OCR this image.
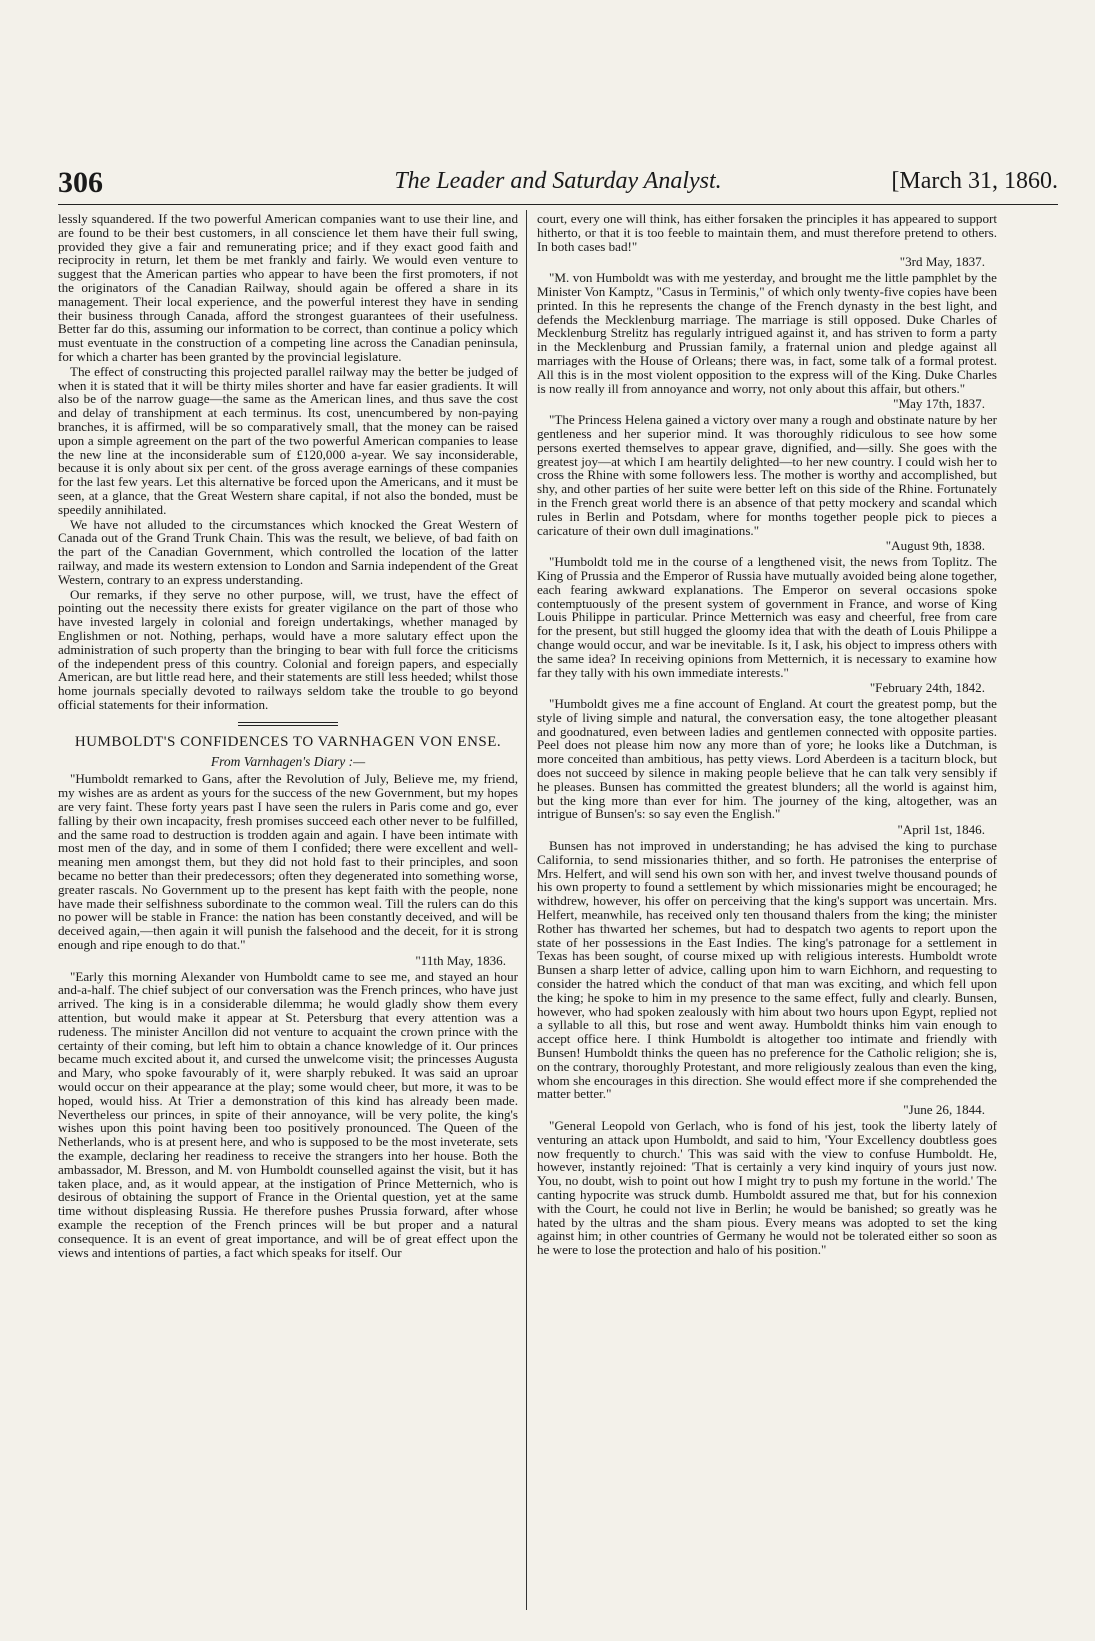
306	The Leader and Saturday Analyst.	[March 31, 1860.

lessly squandered. If the two powerful American companies want to use their line, and are found to be their best customers, in all conscience let them have their full swing, provided they give a fair and remunerating price; and if they exact good faith and reciprocity in return, let them be met frankly and fairly. We would even venture to suggest that the American parties who appear to have been the first promoters, if not the originators of the Canadian Railway, should again be offered a share in its management. Their local experience, and the powerful interest they have in sending their business through Canada, afford the strongest guarantees of their usefulness. Better far do this, assuming our information to be correct, than continue a policy which must eventuate in the construction of a competing line across the Canadian peninsula, for which a charter has been granted by the provincial legislature.

The effect of constructing this projected parallel railway may the better be judged of when it is stated that it will be thirty miles shorter and have far easier gradients. It will also be of the narrow guage—the same as the American lines, and thus save the cost and delay of transhipment at each terminus. Its cost, unencumbered by non-paying branches, it is affirmed, will be so comparatively small, that the money can be raised upon a simple agreement on the part of the two powerful American companies to lease the new line at the inconsiderable sum of £120,000 a-year. We say inconsiderable, because it is only about six per cent. of the gross average earnings of these companies for the last few years. Let this alternative be forced upon the Americans, and it must be seen, at a glance, that the Great Western share capital, if not also the bonded, must be speedily annihilated.

We have not alluded to the circumstances which knocked the Great Western of Canada out of the Grand Trunk Chain. This was the result, we believe, of bad faith on the part of the Canadian Government, which controlled the location of the latter railway, and made its western extension to London and Sarnia independent of the Great Western, contrary to an express understanding.

Our remarks, if they serve no other purpose, will, we trust, have the effect of pointing out the necessity there exists for greater vigilance on the part of those who have invested largely in colonial and foreign undertakings, whether managed by Englishmen or not. Nothing, perhaps, would have a more salutary effect upon the administration of such property than the bringing to bear with full force the criticisms of the independent press of this country. Colonial and foreign papers, and especially American, are but little read here, and their statements are still less heeded; whilst those home journals specially devoted to railways seldom take the trouble to go beyond official statements for their information.

HUMBOLDT'S CONFIDENCES TO VARNHAGEN VON ENSE.
From Varnhagen's Diary :—

"Humboldt remarked to Gans, after the Revolution of July, Believe me, my friend, my wishes are as ardent as yours for the success of the new Government, but my hopes are very faint. These forty years past I have seen the rulers in Paris come and go, ever falling by their own incapacity, fresh promises succeed each other never to be fulfilled, and the same road to destruction is trodden again and again. I have been intimate with most men of the day, and in some of them I confided; there were excellent and well-meaning men amongst them, but they did not hold fast to their principles, and soon became no better than their predecessors; often they degenerated into something worse, greater rascals. No Government up to the present has kept faith with the people, none have made their selfishness subordinate to the common weal. Till the rulers can do this no power will be stable in France: the nation has been constantly deceived, and will be deceived again,—then again it will punish the falsehood and the deceit, for it is strong enough and ripe enough to do that."

"11th May, 1836.

"Early this morning Alexander von Humboldt came to see me, and stayed an hour and-a-half. The chief subject of our conversation was the French princes, who have just arrived. The king is in a considerable dilemma; he would gladly show them every attention, but would make it appear at St. Petersburg that every attention was a rudeness. The minister Ancillon did not venture to acquaint the crown prince with the certainty of their coming, but left him to obtain a chance knowledge of it. Our princes became much excited about it, and cursed the unwelcome visit; the princesses Augusta and Mary, who spoke favourably of it, were sharply rebuked. It was said an uproar would occur on their appearance at the play; some would cheer, but more, it was to be hoped, would hiss. At Trier a demonstration of this kind has already been made. Nevertheless our princes, in spite of their annoyance, will be very polite, the king's wishes upon this point having been too positively pronounced. The Queen of the Netherlands, who is at present here, and who is supposed to be the most inveterate, sets the example, declaring her readiness to receive the strangers into her house. Both the ambassador, M. Bresson, and M. von Humboldt counselled against the visit, but it has taken place, and, as it would appear, at the instigation of Prince Metternich, who is desirous of obtaining the support of France in the Oriental question, yet at the same time without displeasing Russia. He therefore pushes Prussia forward, after whose example the reception of the French princes will be but proper and a natural consequence. It is an event of great importance, and will be of great effect upon the views and intentions of parties, a fact which speaks for itself. Our

court, every one will think, has either forsaken the principles it has appeared to support hitherto, or that it is too feeble to maintain them, and must therefore pretend to others. In both cases bad!"

"3rd May, 1837.

"M. von Humboldt was with me yesterday, and brought me the little pamphlet by the Minister Von Kamptz, "Casus in Terminis," of which only twenty-five copies have been printed. In this he represents the change of the French dynasty in the best light, and defends the Mecklenburg marriage. The marriage is still opposed. Duke Charles of Mecklenburg Strelitz has regularly intrigued against it, and has striven to form a party in the Mecklenburg and Prussian family, a fraternal union and pledge against all marriages with the House of Orleans; there was, in fact, some talk of a formal protest. All this is in the most violent opposition to the express will of the King. Duke Charles is now really ill from annoyance and worry, not only about this affair, but others."

"May 17th, 1837.

"The Princess Helena gained a victory over many a rough and obstinate nature by her gentleness and her superior mind. It was thoroughly ridiculous to see how some persons exerted themselves to appear grave, dignified, and—silly. She goes with the greatest joy—at which I am heartily delighted—to her new country. I could wish her to cross the Rhine with some followers less. The mother is worthy and accomplished, but shy, and other parties of her suite were better left on this side of the Rhine. Fortunately in the French great world there is an absence of that petty mockery and scandal which rules in Berlin and Potsdam, where for months together people pick to pieces a caricature of their own dull imaginations."

"August 9th, 1838.

"Humboldt told me in the course of a lengthened visit, the news from Toplitz. The King of Prussia and the Emperor of Russia have mutually avoided being alone together, each fearing awkward explanations. The Emperor on several occasions spoke contemptuously of the present system of government in France, and worse of King Louis Philippe in particular. Prince Metternich was easy and cheerful, free from care for the present, but still hugged the gloomy idea that with the death of Louis Philippe a change would occur, and war be inevitable. Is it, I ask, his object to impress others with the same idea? In receiving opinions from Metternich, it is necessary to examine how far they tally with his own immediate interests."

"February 24th, 1842.

"Humboldt gives me a fine account of England. At court the greatest pomp, but the style of living simple and natural, the conversation easy, the tone altogether pleasant and goodnatured, even between ladies and gentlemen connected with opposite parties. Peel does not please him now any more than of yore; he looks like a Dutchman, is more conceited than ambitious, has petty views. Lord Aberdeen is a taciturn block, but does not succeed by silence in making people believe that he can talk very sensibly if he pleases. Bunsen has committed the greatest blunders; all the world is against him, but the king more than ever for him. The journey of the king, altogether, was an intrigue of Bunsen's: so say even the English."

"April 1st, 1846.

Bunsen has not improved in understanding; he has advised the king to purchase California, to send missionaries thither, and so forth. He patronises the enterprise of Mrs. Helfert, and will send his own son with her, and invest twelve thousand pounds of his own property to found a settlement by which missionaries might be encouraged; he withdrew, however, his offer on perceiving that the king's support was uncertain. Mrs. Helfert, meanwhile, has received only ten thousand thalers from the king; the minister Rother has thwarted her schemes, but had to despatch two agents to report upon the state of her possessions in the East Indies. The king's patronage for a settlement in Texas has been sought, of course mixed up with religious interests. Humboldt wrote Bunsen a sharp letter of advice, calling upon him to warn Eichhorn, and requesting to consider the hatred which the conduct of that man was exciting, and which fell upon the king; he spoke to him in my presence to the same effect, fully and clearly. Bunsen, however, who had spoken zealously with him about two hours upon Egypt, replied not a syllable to all this, but rose and went away. Humboldt thinks him vain enough to accept office here. I think Humboldt is altogether too intimate and friendly with Bunsen! Humboldt thinks the queen has no preference for the Catholic religion; she is, on the contrary, thoroughly Protestant, and more religiously zealous than even the king, whom she encourages in this direction. She would effect more if she comprehended the matter better."

"June 26, 1844.

"General Leopold von Gerlach, who is fond of his jest, took the liberty lately of venturing an attack upon Humboldt, and said to him, 'Your Excellency doubtless goes now frequently to church.' This was said with the view to confuse Humboldt. He, however, instantly rejoined: 'That is certainly a very kind inquiry of yours just now. You, no doubt, wish to point out how I might try to push my fortune in the world.' The canting hypocrite was struck dumb. Humboldt assured me that, but for his connexion with the Court, he could not live in Berlin; he would be banished; so greatly was he hated by the ultras and the sham pious. Every means was adopted to set the king against him; in other countries of Germany he would not be tolerated either so soon as he were to lose the protection and halo of his position."
